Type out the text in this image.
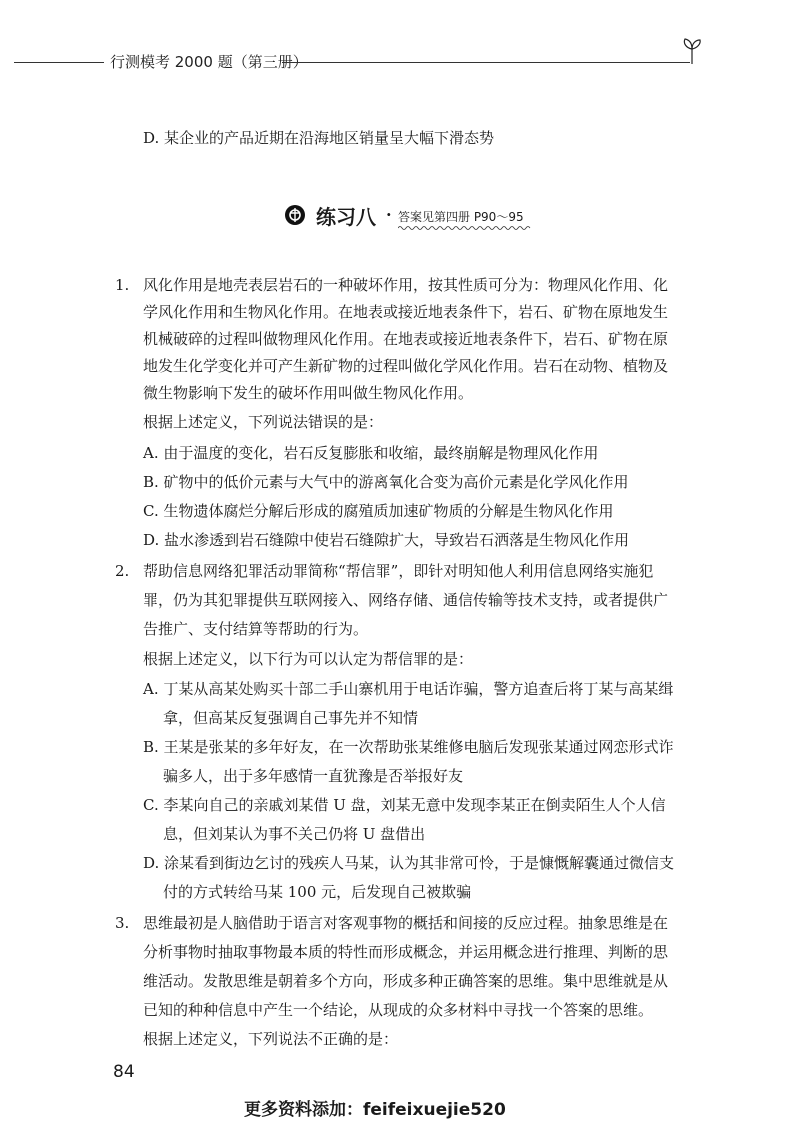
行测模考 2000 题（第三册）
D. 某企业的产品近期在沿海地区销量呈大幅下滑态势
练习八 · 答案见第四册 P90～95
1. 风化作用是地壳表层岩石的一种破坏作用，按其性质可分为：物理风化作用、化
学风化作用和生物风化作用。在地表或接近地表条件下，岩石、矿物在原地发生
机械破碎的过程叫做物理风化作用。在地表或接近地表条件下，岩石、矿物在原
地发生化学变化并可产生新矿物的过程叫做化学风化作用。岩石在动物、植物及
微生物影响下发生的破坏作用叫做生物风化作用。
根据上述定义，下列说法错误的是：
A. 由于温度的变化，岩石反复膨胀和收缩，最终崩解是物理风化作用
B. 矿物中的低价元素与大气中的游离氧化合变为高价元素是化学风化作用
C. 生物遗体腐烂分解后形成的腐殖质加速矿物质的分解是生物风化作用
D. 盐水渗透到岩石缝隙中使岩石缝隙扩大，导致岩石洒落是生物风化作用
2. 帮助信息网络犯罪活动罪简称“帮信罪”，即针对明知他人利用信息网络实施犯
罪，仍为其犯罪提供互联网接入、网络存储、通信传输等技术支持，或者提供广
告推广、支付结算等帮助的行为。
根据上述定义，以下行为可以认定为帮信罪的是：
A. 丁某从高某处购买十部二手山寨机用于电话诈骗，警方追查后将丁某与高某缉
拿，但高某反复强调自己事先并不知情
B. 王某是张某的多年好友，在一次帮助张某维修电脑后发现张某通过网恋形式诈
骗多人，出于多年感情一直犹豫是否举报好友
C. 李某向自己的亲戚刘某借 U 盘，刘某无意中发现李某正在倒卖陌生人个人信
息，但刘某认为事不关己仍将 U 盘借出
D. 涂某看到街边乞讨的残疾人马某，认为其非常可怜，于是慷慨解囊通过微信支
付的方式转给马某 100 元，后发现自己被欺骗
3. 思维最初是人脑借助于语言对客观事物的概括和间接的反应过程。抽象思维是在
分析事物时抽取事物最本质的特性而形成概念，并运用概念进行推理、判断的思
维活动。发散思维是朝着多个方向，形成多种正确答案的思维。集中思维就是从
已知的种种信息中产生一个结论，从现成的众多材料中寻找一个答案的思维。
根据上述定义，下列说法不正确的是：
84
更多资料添加：feifeixuejie520
